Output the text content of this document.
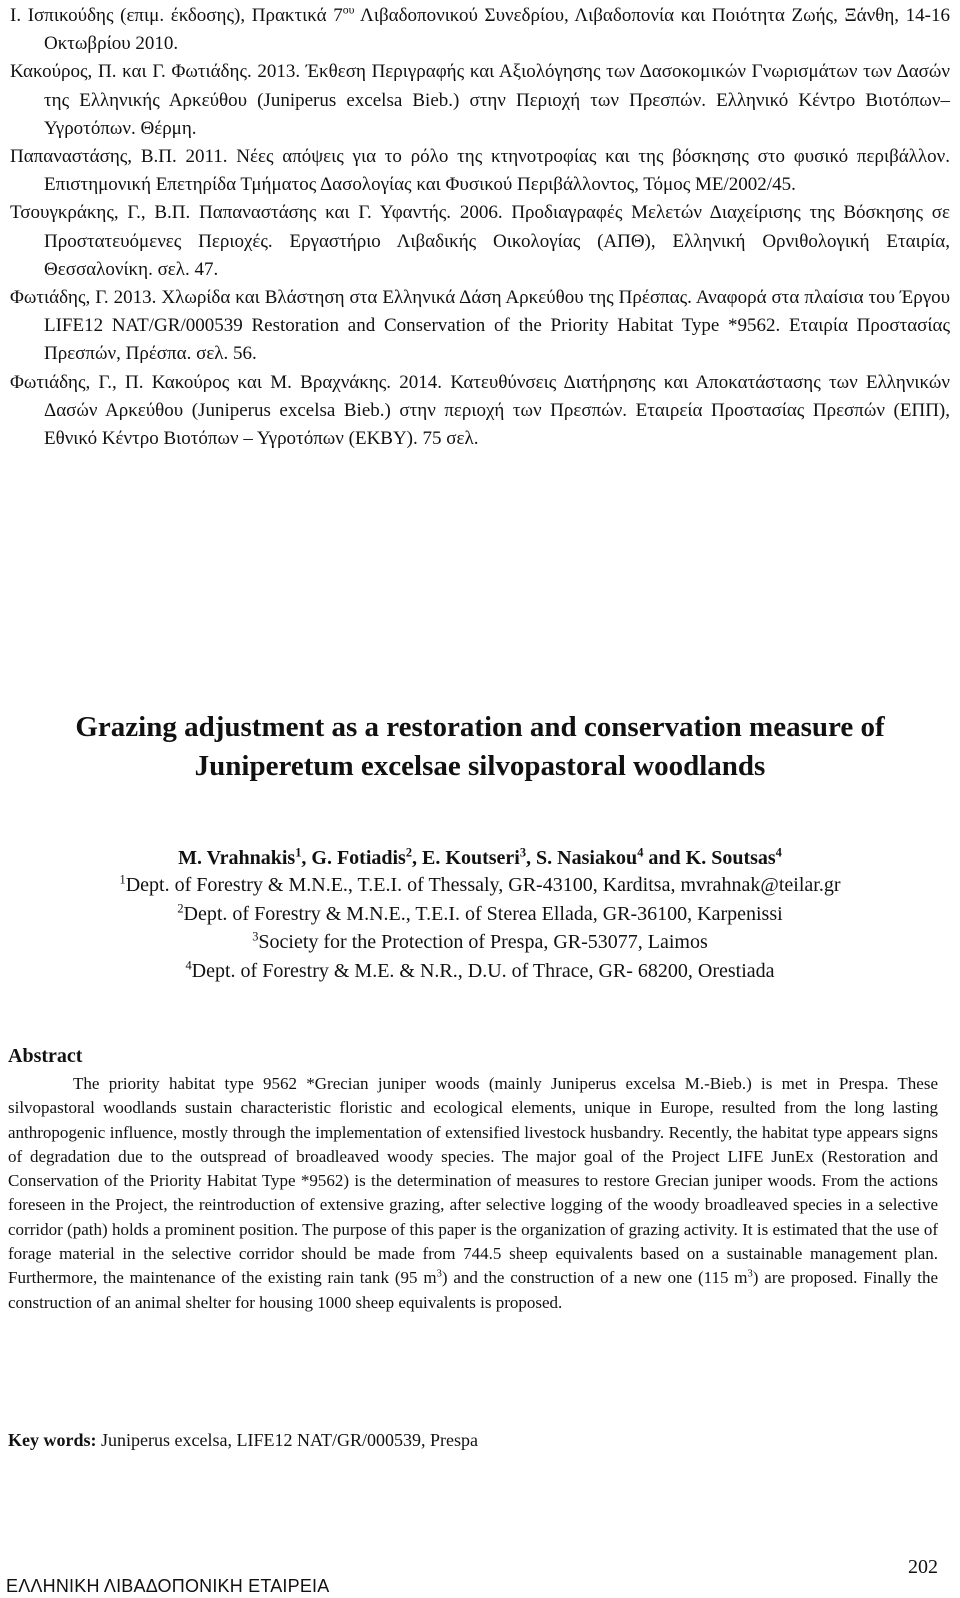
Ι. Ισπικούδης (επιμ. έκδοσης), Πρακτικά $7^{o\upsilon}$ Λιβαδοπονικού Συνεδρίου, Λιβαδοπονία και Ποιότητα Ζωής, Ξάνθη, 14-16 Οκτωβρίου 2010.

Κακούρος, Π. και Γ. Φωτιάδης. 2013. Έκθεση Περιγραφής και Αξιολόγησης των Δασοκομικών Γνωρισμάτων των Δασών της Ελληνικής Αρκεύθου (Juniperus excelsa Bieb.) στην Περιοχή των Πρεσπών. Ελληνικό Κέντρο Βιοτόπων–Υγροτόπων. Θέρμη.

Παπαναστάσης, Β.Π. 2011. Νέες απόψεις για το ρόλο της κτηνοτροφίας και της βόσκησης στο φυσικό περιβάλλον. Επιστημονική Επετηρίδα Τμήματος Δασολογίας και Φυσικού Περιβάλλοντος, Τόμος ΜΕ/2002/45.

Τσουγκράκης, Γ., Β.Π. Παπαναστάσης και Γ. Υφαντής. 2006. Προδιαγραφές Μελετών Διαχείρισης της Βόσκησης σε Προστατευόμενες Περιοχές. Εργαστήριο Λιβαδικής Οικολογίας (ΑΠΘ), Ελληνική Ορνιθολογική Εταιρία, Θεσσαλονίκη. σελ. 47.

Φωτιάδης, Γ. 2013. Χλωρίδα και Βλάστηση στα Ελληνικά Δάση Αρκεύθου της Πρέσπας. Αναφορά στα πλαίσια του Έργου LIFE12 NAT/GR/000539 Restoration and Conservation of the Priority Habitat Type *9562. Εταιρία Προστασίας Πρεσπών, Πρέσπα. σελ. 56.

Φωτιάδης, Γ., Π. Κακούρος και Μ. Βραχνάκης. 2014. Κατευθύνσεις Διατήρησης και Αποκατάστασης των Ελληνικών Δασών Αρκεύθου (Juniperus excelsa Bieb.) στην περιοχή των Πρεσπών. Εταιρεία Προστασίας Πρεσπών (ΕΠΠ), Εθνικό Κέντρο Βιοτόπων – Υγροτόπων (ΕΚΒΥ). 75 σελ.

Grazing adjustment as a restoration and conservation measure of
Juniperetum excelsae silvopastoral woodlands
M. Vrahnakis$^1$, G. Fotiadis$^2$, E. Koutseri$^3$, S. Nasiakou$^4$ and K. Soutsas$^4$
$^1$Dept. of Forestry & M.N.E., T.E.I. of Thessaly, GR-43100, Karditsa, mvrahnak@teilar.gr
$^2$Dept. of Forestry & M.N.E., T.E.I. of Sterea Ellada, GR-36100, Karpenissi
$^3$Society for the Protection of Prespa, GR-53077, Laimos
$^4$Dept. of Forestry & M.E. & N.R., D.U. of Thrace, GR- 68200, Orestiada
Abstract

The priority habitat type 9562 *Grecian juniper woods (mainly Juniperus excelsa M.-Bieb.) is met in Prespa. These silvopastoral woodlands sustain characteristic floristic and ecological elements, unique in Europe, resulted from the long lasting anthropogenic influence, mostly through the implementation of extensified livestock husbandry. Recently, the habitat type appears signs of degradation due to the outspread of broadleaved woody species. The major goal of the Project LIFE JunEx (Restoration and Conservation of the Priority Habitat Type *9562) is the determination of measures to restore Grecian juniper woods. From the actions foreseen in the Project, the reintroduction of extensive grazing, after selective logging of the woody broadleaved species in a selective corridor (path) holds a prominent position. The purpose of this paper is the organization of grazing activity. It is estimated that the use of forage material in the selective corridor should be made from 744.5 sheep equivalents based on a sustainable management plan. Furthermore, the maintenance of the existing rain tank (95 $m^3$) and the construction of a new one (115 $m^3$) are proposed. Finally the construction of an animal shelter for housing 1000 sheep equivalents is proposed.

Key words: Juniperus excelsa, LIFE12 NAT/GR/000539, Prespa
202
ΕΛΛΗΝΙΚΗ ΛΙΒΑΔΟΠΟΝΙΚΗ ΕΤΑΙΡΕΙΑ
